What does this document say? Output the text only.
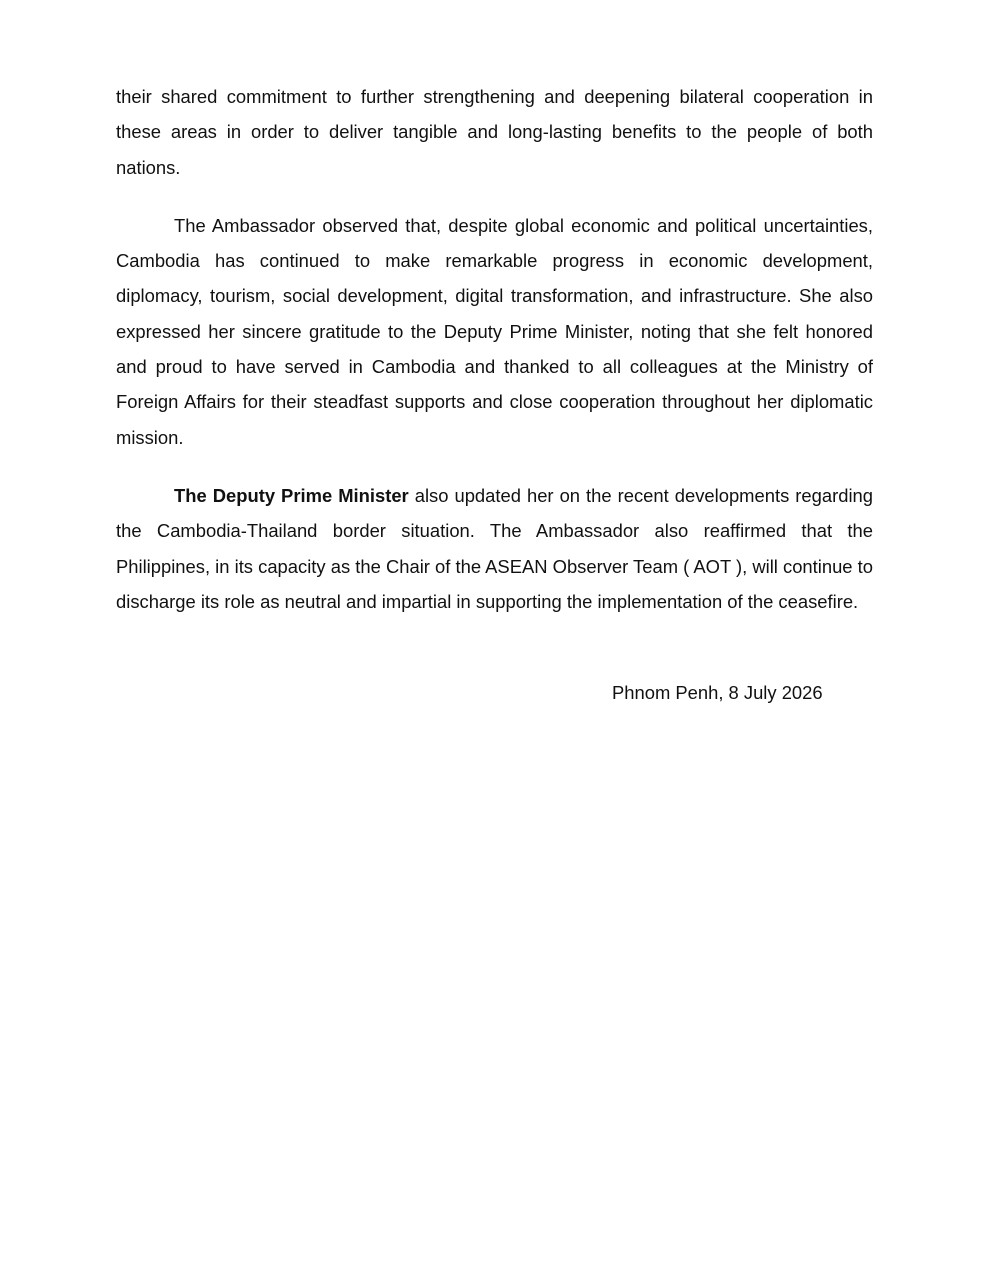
their shared commitment to further strengthening and deepening bilateral cooperation in these areas in order to deliver tangible and long-lasting benefits to the people of both nations.

The Ambassador observed that, despite global economic and political uncertainties, Cambodia has continued to make remarkable progress in economic development, diplomacy, tourism, social development, digital transformation, and infrastructure. She also expressed her sincere gratitude to the Deputy Prime Minister, noting that she felt honored and proud to have served in Cambodia and thanked to all colleagues at the Ministry of Foreign Affairs for their steadfast supports and close cooperation throughout her diplomatic mission.

The Deputy Prime Minister also updated her on the recent developments regarding the Cambodia-Thailand border situation. The Ambassador also reaffirmed that the Philippines, in its capacity as the Chair of the ASEAN Observer Team ( AOT ), will continue to discharge its role as neutral and impartial in supporting the implementation of the ceasefire.

Phnom Penh, 8 July 2026
